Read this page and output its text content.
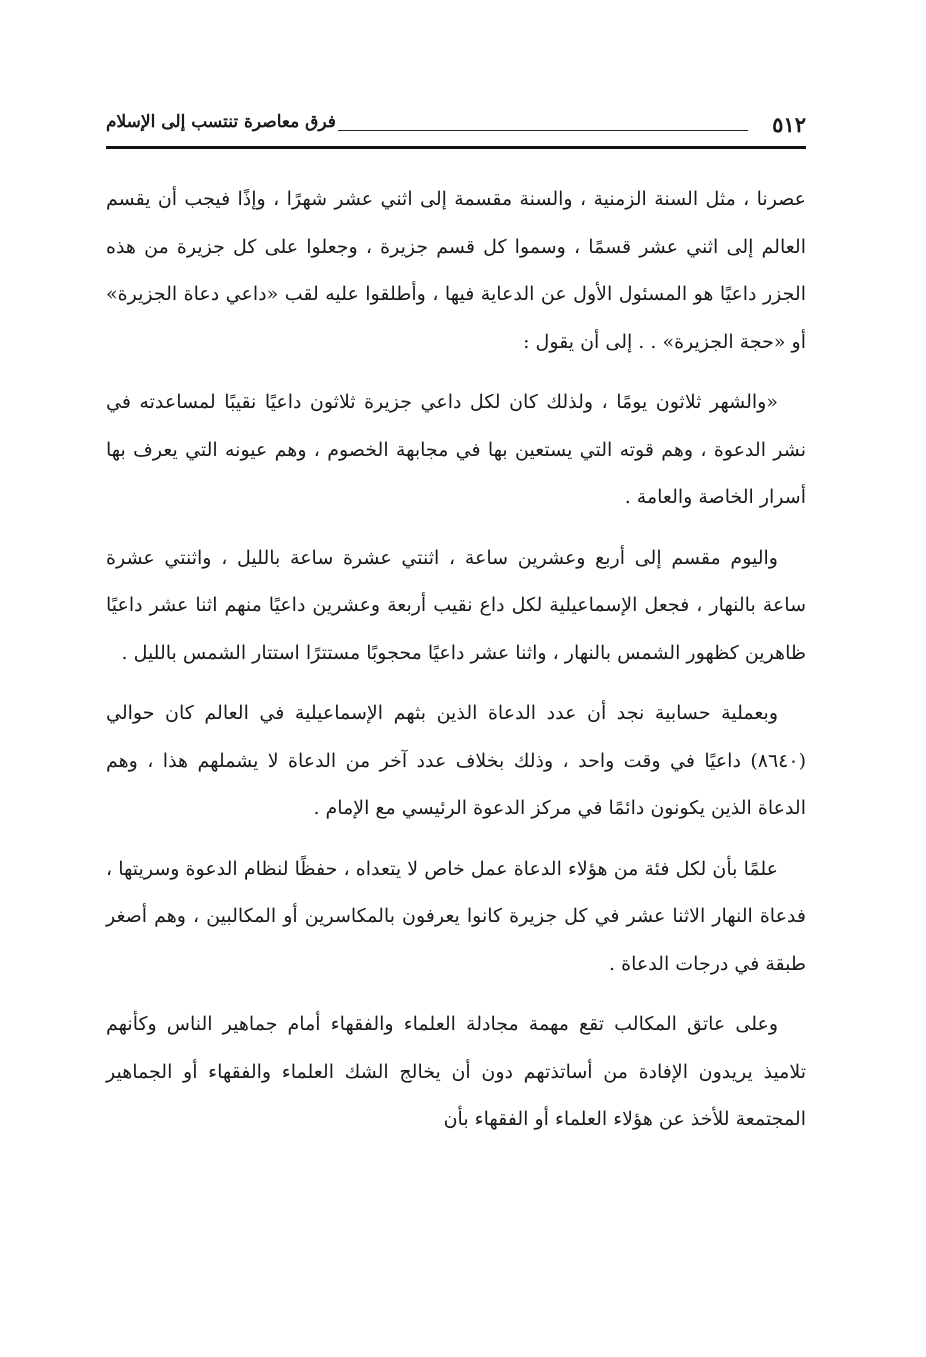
٥١٢
فرق معاصرة تنتسب إلى الإسلام

عصرنا ، مثل السنة الزمنية ، والسنة مقسمة إلى اثني عشر شهرًا ، وإذًا فيجب أن يقسم العالم إلى اثني عشر قسمًا ، وسموا كل قسم جزيرة ، وجعلوا على كل جزيرة من هذه الجزر داعيًا هو المسئول الأول عن الدعاية فيها ، وأطلقوا عليه لقب «داعي دعاة الجزيرة» أو «حجة الجزيرة» . . إلى أن يقول :

«والشهر ثلاثون يومًا ، ولذلك كان لكل داعي جزيرة ثلاثون داعيًا نقيبًا لمساعدته في نشر الدعوة ، وهم قوته التي يستعين بها في مجابهة الخصوم ، وهم عيونه التي يعرف بها أسرار الخاصة والعامة .

واليوم مقسم إلى أربع وعشرين ساعة ، اثنتي عشرة ساعة بالليل ، واثنتي عشرة ساعة بالنهار ، فجعل الإسماعيلية لكل داع نقيب أربعة وعشرين داعيًا منهم اثنا عشر داعيًا ظاهرين كظهور الشمس بالنهار ، واثنا عشر داعيًا محجوبًا مستترًا استتار الشمس بالليل .

وبعملية حسابية نجد أن عدد الدعاة الذين بثهم الإسماعيلية في العالم كان حوالي (٨٦٤٠) داعيًا في وقت واحد ، وذلك بخلاف عدد آخر من الدعاة لا يشملهم هذا ، وهم الدعاة الذين يكونون دائمًا في مركز الدعوة الرئيسي مع الإمام .

علمًا بأن لكل فئة من هؤلاء الدعاة عمل خاص لا يتعداه ، حفظًا لنظام الدعوة وسريتها ، فدعاة النهار الاثنا عشر في كل جزيرة كانوا يعرفون بالمكاسرين أو المكالبين ، وهم أصغر طبقة في درجات الدعاة .

وعلى عاتق المكالب تقع مهمة مجادلة العلماء والفقهاء أمام جماهير الناس وكأنهم تلاميذ يريدون الإفادة من أساتذتهم دون أن يخالج الشك العلماء والفقهاء أو الجماهير المجتمعة للأخذ عن هؤلاء العلماء أو الفقهاء بأن
